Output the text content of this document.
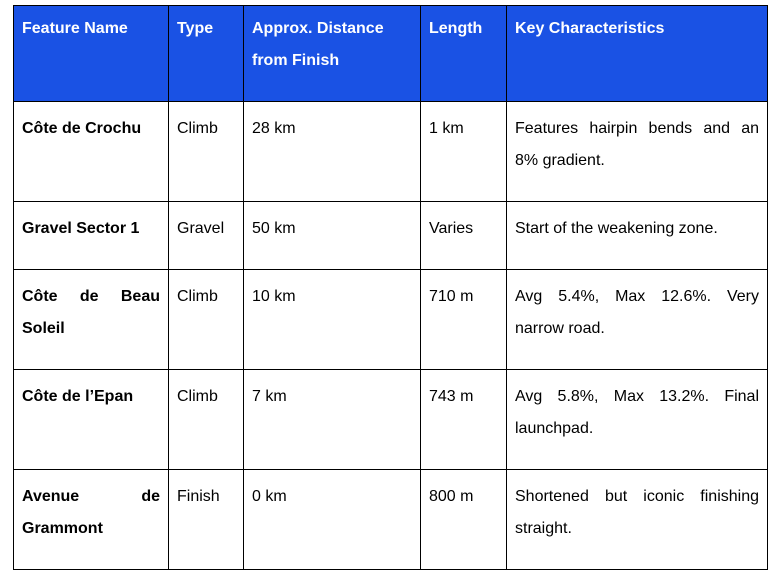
Feature Name	Type	Approx. Distance from Finish	Length	Key Characteristics
Côte de Crochu	Climb	28 km	1 km	Features hairpin bends and an 8% gradient.
Gravel Sector 1	Gravel	50 km	Varies	Start of the weakening zone.
Côte de Beau Soleil	Climb	10 km	710 m	Avg 5.4%, Max 12.6%. Very narrow road.
Côte de l’Epan	Climb	7 km	743 m	Avg 5.8%, Max 13.2%. Final launchpad.
Avenue de Grammont	Finish	0 km	800 m	Shortened but iconic finishing straight.
